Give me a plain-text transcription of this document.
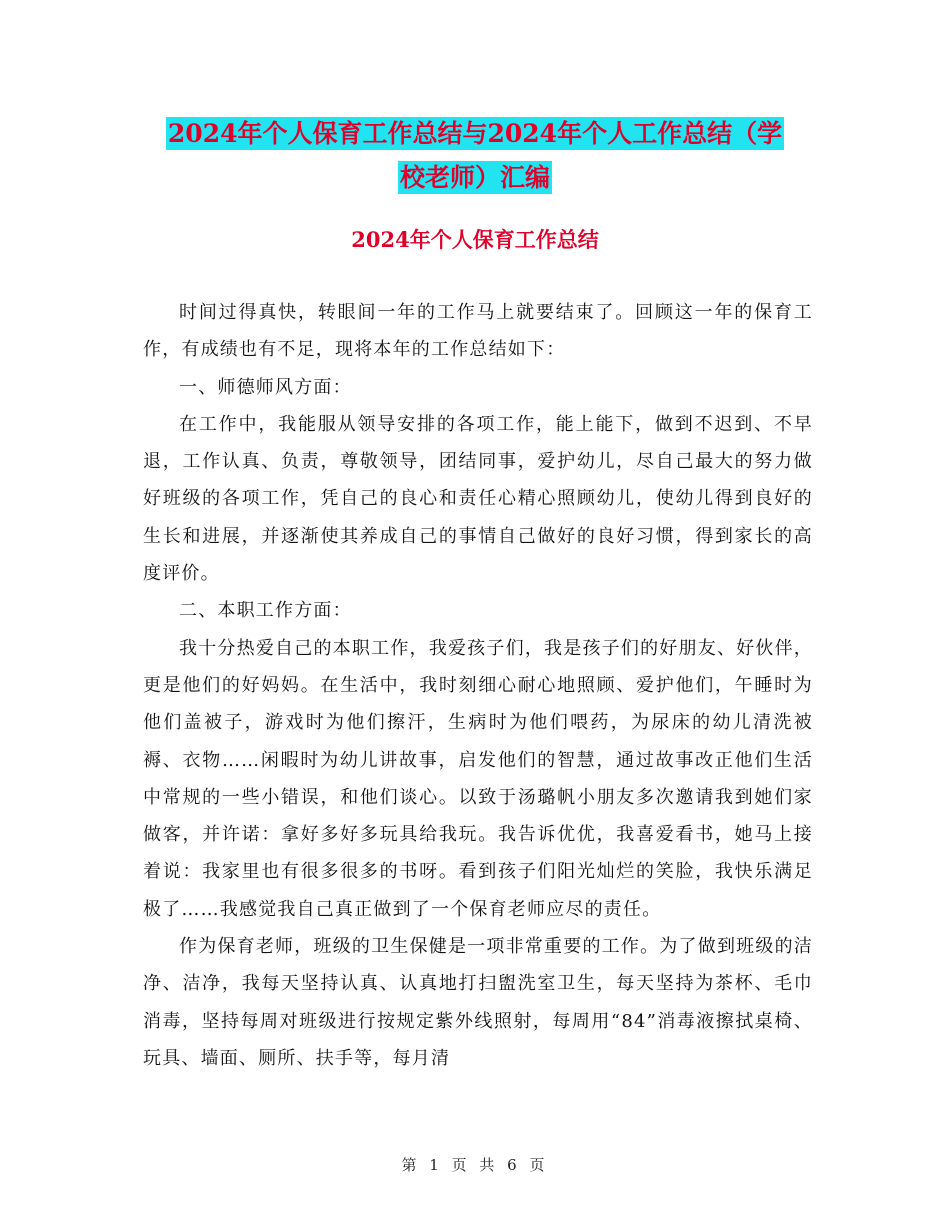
2024年个人保育工作总结与2024年个人工作总结（学
校老师）汇编
2024年个人保育工作总结

时间过得真快，转眼间一年的工作马上就要结束了。回顾这一年的保育工作，有成绩也有不足，现将本年的工作总结如下：

一、师德师风方面：

在工作中，我能服从领导安排的各项工作，能上能下，做到不迟到、不早退，工作认真、负责，尊敬领导，团结同事，爱护幼儿，尽自己最大的努力做好班级的各项工作，凭自己的良心和责任心精心照顾幼儿，使幼儿得到良好的生长和进展，并逐渐使其养成自己的事情自己做好的良好习惯，得到家长的高度评价。

二、本职工作方面：

我十分热爱自己的本职工作，我爱孩子们，我是孩子们的好朋友、好伙伴，更是他们的好妈妈。在生活中，我时刻细心耐心地照顾、爱护他们，午睡时为他们盖被子，游戏时为他们擦汗，生病时为他们喂药，为尿床的幼儿清洗被褥、衣物……闲暇时为幼儿讲故事，启发他们的智慧，通过故事改正他们生活中常规的一些小错误，和他们谈心。以致于汤璐帆小朋友多次邀请我到她们家做客，并许诺：拿好多好多玩具给我玩。我告诉优优，我喜爱看书，她马上接着说：我家里也有很多很多的书呀。看到孩子们阳光灿烂的笑脸，我快乐满足极了……我感觉我自己真正做到了一个保育老师应尽的责任。

作为保育老师，班级的卫生保健是一项非常重要的工作。为了做到班级的洁净、洁净，我每天坚持认真、认真地打扫盥洗室卫生，每天坚持为茶杯、毛巾消毒，坚持每周对班级进行按规定紫外线照射，每周用“84”消毒液擦拭桌椅、玩具、墙面、厕所、扶手等，每月清

第 1 页 共 6 页
